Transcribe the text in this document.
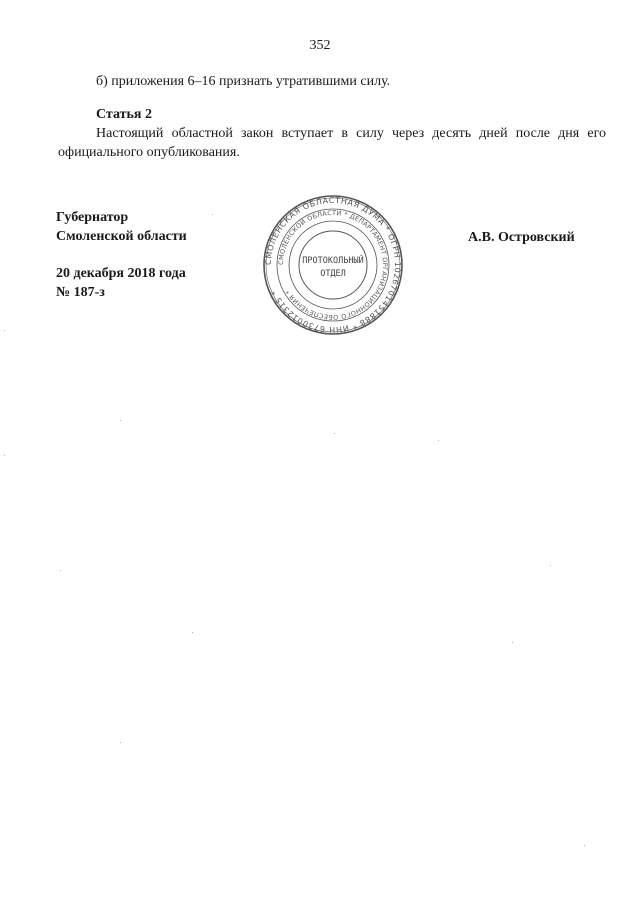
352
б) приложения 6–16 признать утратившими силу.
Статья 2
Настоящий областной закон вступает в силу через десять дней после дня его официального опубликования.
Губернатор
Смоленской области
20 декабря 2018 года
№ 187-з
А.В. Островский
СМОЛЕНСКАЯ ОБЛАСТНАЯ ДУМА * ОГРН 1026701451888 * ИНН 6730012315 *
СМОЛЕНСКОЙ ОБЛАСТИ * ДЕПАРТАМЕНТ ОРГАНИЗАЦИОННОГО ОБЕСПЕЧЕНИЯ *
ПРОТОКОЛЬНЫЙ
ОТДЕЛ
